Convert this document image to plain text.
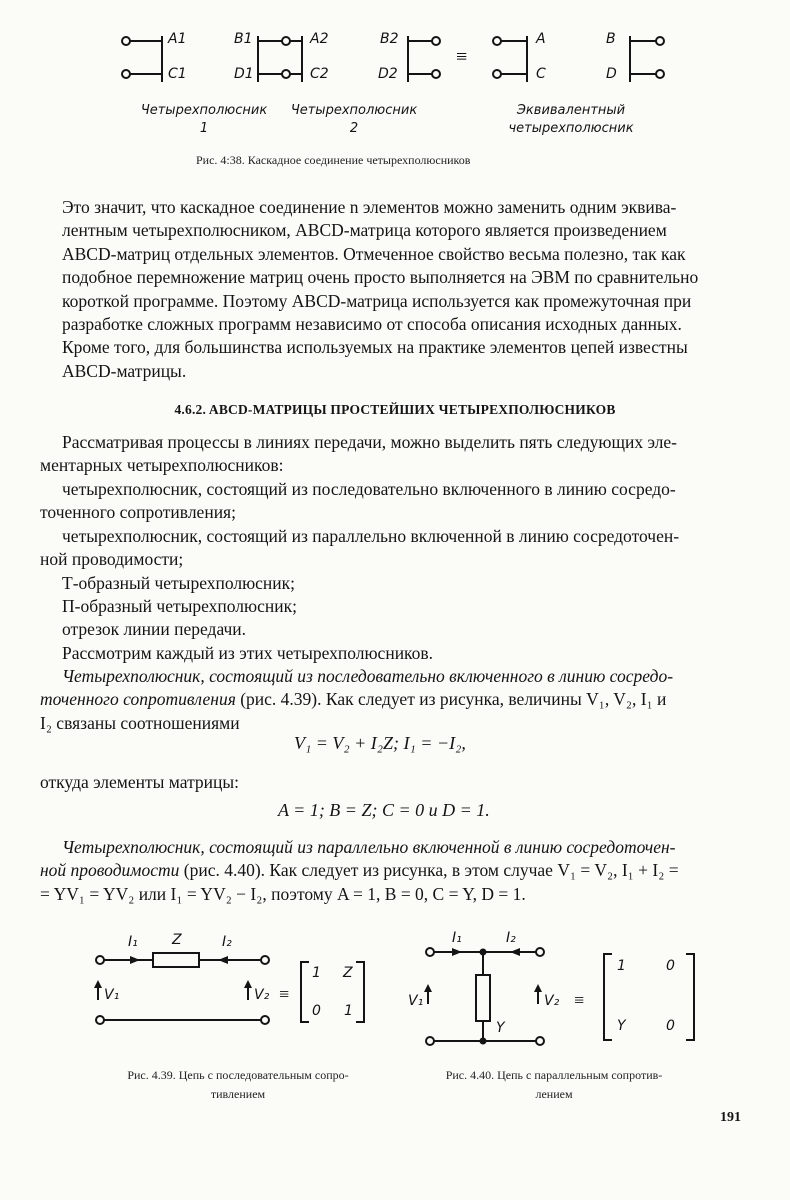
A1
C1
B1
D1
A2
C2
B2
D2
≡
A
C
B
D
Четырехполюсник
1
Четырехполюсник
2
Эквивалентный
четырехполюсник
Рис. 4:38. Каскадное соединение четырехполюсников
Это значит, что каскадное соединение n элементов можно заменить одним эквива-
лентным четырехполюсником, ABCD-матрица которого является произведением
ABCD-матриц отдельных элементов. Отмеченное свойство весьма полезно, так как
подобное перемножение матриц очень просто выполняется на ЭВМ по сравнительно
короткой программе. Поэтому ABCD-матрица используется как промежуточная при
разработке сложных программ независимо от способа описания исходных данных.
Кроме того, для большинства используемых на практике элементов цепей известны
ABCD-матрицы.
4.6.2. ABCD-МАТРИЦЫ ПРОСТЕЙШИХ ЧЕТЫРЕХПОЛЮСНИКОВ
Рассматривая процессы в линиях передачи, можно выделить пять следующих эле-
ментарных четырехполюсников:
четырехполюсник, состоящий из последовательно включенного в линию сосредо-
точенного сопротивления;
четырехполюсник, состоящий из параллельно включенной в линию сосредоточен-
ной проводимости;
Т-образный четырехполюсник;
П-образный четырехполюсник;
отрезок линии передачи.
Рассмотрим каждый из этих четырехполюсников.
Четырехполюсник, состоящий из последовательно включенного в линию сосредо-
точенного сопротивления (рис. 4.39). Как следует из рисунка, величины V₁, V₂, I₁ и
I₂ связаны соотношениями
V₁ = V₂ + I₂Z; I₁ = −I₂,
откуда элементы матрицы:
A = 1; B = Z; C = 0 и D = 1.
Четырехполюсник, состоящий из параллельно включенной в линию сосредоточен-
ной проводимости (рис. 4.40). Как следует из рисунка, в этом случае V₁ = V₂, I₁ + I₂ =
= YV₁ = YV₂ или I₁ = YV₂ − I₂, поэтому A = 1, B = 0, C = Y, D = 1.
I₁ Z	I₂
V₁	V₂ ≡
1 Z
0 1
Рис. 4.39. Цепь с последовательным сопро-
тивлением
I₁	I₂
Y
V₁	V₂ ≡
1	0
Y	0
Рис. 4.40. Цепь с параллельным сопротив-
лением
191
